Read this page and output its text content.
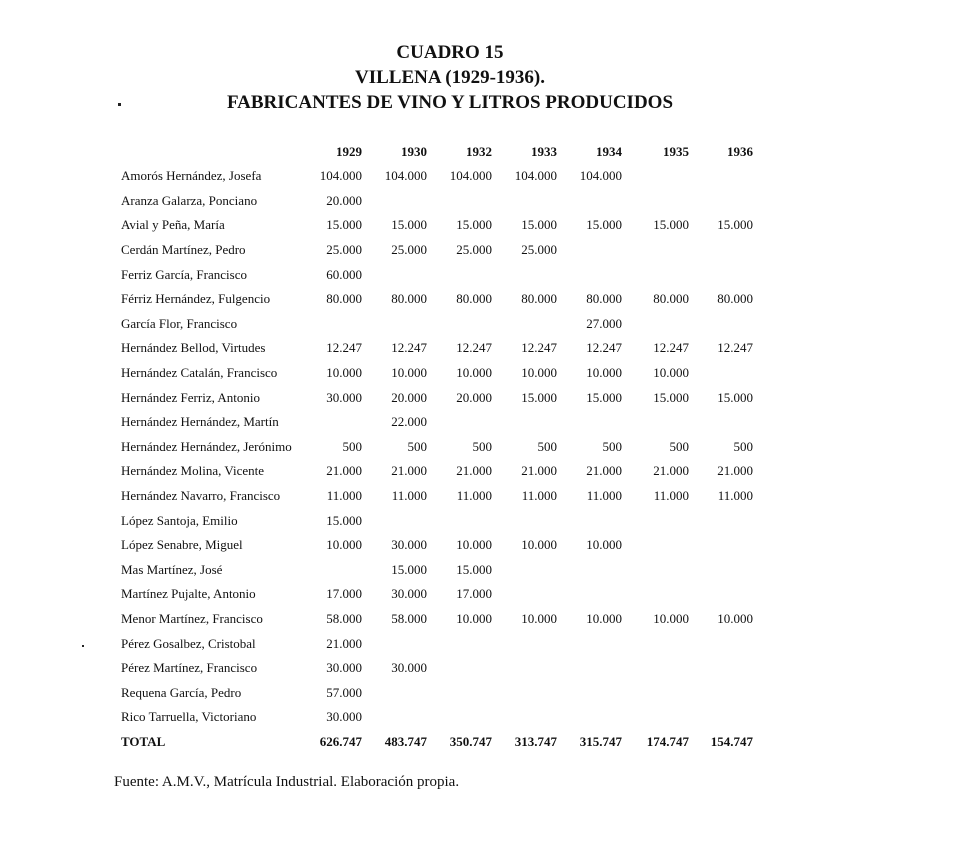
CUADRO 15
VILLENA (1929-1936).
FABRICANTES DE VINO Y LITROS PRODUCIDOS
	1929	1930	1932	1933	1934	1935	1936
Amorós Hernández, Josefa	104.000	104.000	104.000	104.000	104.000		
Aranza Galarza, Ponciano	20.000						
Avial y Peña, María	15.000	15.000	15.000	15.000	15.000	15.000	15.000
Cerdán Martínez, Pedro	25.000	25.000	25.000	25.000			
Ferriz García, Francisco	60.000						
Férriz Hernández, Fulgencio	80.000	80.000	80.000	80.000	80.000	80.000	80.000
García Flor, Francisco					27.000		
Hernández Bellod, Virtudes	12.247	12.247	12.247	12.247	12.247	12.247	12.247
Hernández Catalán, Francisco	10.000	10.000	10.000	10.000	10.000	10.000	
Hernández Ferriz, Antonio	30.000	20.000	20.000	15.000	15.000	15.000	15.000
Hernández Hernández, Martín		22.000					
Hernández Hernández, Jerónimo	500	500	500	500	500	500	500
Hernández Molina, Vicente	21.000	21.000	21.000	21.000	21.000	21.000	21.000
Hernández Navarro, Francisco	11.000	11.000	11.000	11.000	11.000	11.000	11.000
López Santoja, Emilio	15.000						
López Senabre, Miguel	10.000	30.000	10.000	10.000	10.000		
Mas Martínez, José		15.000	15.000				
Martínez Pujalte, Antonio	17.000	30.000	17.000				
Menor Martínez, Francisco	58.000	58.000	10.000	10.000	10.000	10.000	10.000
Pérez Gosalbez, Cristobal	21.000						
Pérez Martínez, Francisco	30.000	30.000					
Requena García, Pedro	57.000						
Rico Tarruella, Victoriano	30.000						
TOTAL	626.747	483.747	350.747	313.747	315.747	174.747	154.747
Fuente: A.M.V., Matrícula Industrial. Elaboración propia.
